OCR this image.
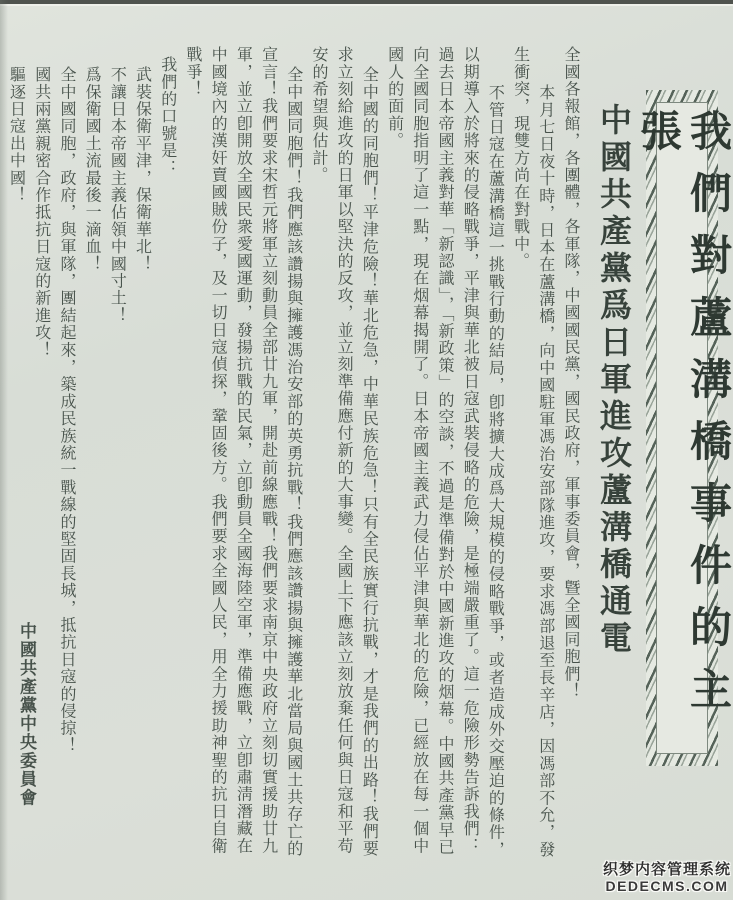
我們對蘆溝橋事件的主張
中國共產黨爲日軍進攻蘆溝橋通電

全國各報館，各團體，各軍隊，中國國民黨，國民政府，軍事委員會，曁全國同胞們！

本月七日夜十時，日本在蘆溝橋，向中國駐軍馮治安部隊進攻，要求馮部退至長辛店，因馮部不允，發生衝突，現雙方尚在對戰中。

不管日寇在蘆溝橋這一挑戰行動的結局，卽將擴大成爲大規模的侵略戰爭，或者造成外交壓迫的條件，以期導入於將來的侵略戰爭，平津與華北被日寇武裝侵略的危險，是極端嚴重了。這一危險形勢告訴我們：過去日本帝國主義對華「新認識」，「新政策」的空談，不過是準備對於中國新進攻的烟幕。中國共產黨早已向全國同胞指明了這一點，現在烟幕揭開了。日本帝國主義武力侵佔平津與華北的危險，已經放在每一個中國人的面前。

全中國的同胞們！平津危險！華北危急，中華民族危急！只有全民族實行抗戰，才是我們的出路！我們要求立刻給進攻的日軍以堅決的反攻，並立刻準備應付新的大事變。全國上下應該立刻放棄任何與日寇和平苟安的希望與估計。

全中國同胞們！我們應該讚揚與擁護馮治安部的英勇抗戰！我們應該讚揚與擁護華北當局與國土共存亡的宣言！我們要求宋哲元將軍立刻動員全部廿九軍，開赴前線應戰！我們要求南京中央政府立刻切實援助廿九軍，並立卽開放全國民衆愛國運動，發揚抗戰的民氣，立卽動員全國海陸空軍，準備應戰，立卽肅淸潛藏在中國境內的漢奸賣國賊份子，及一切日寇偵探，鞏固後方。我們要求全國人民，用全力援助神聖的抗日自衛戰爭！

我們的口號是：

武裝保衛平津，保衛華北！

不讓日本帝國主義佔領中國寸土！

爲保衛國土流最後一滴血！

全中國同胞，政府，與軍隊，團結起來，築成民族統一戰線的堅固長城，抵抗日寇的侵掠！

國共兩黨親密合作抵抗日寇的新進攻！

驅逐日寇出中國！

中國共產黨中央委員會
织梦内容管理系统
DEDECMS.COM
